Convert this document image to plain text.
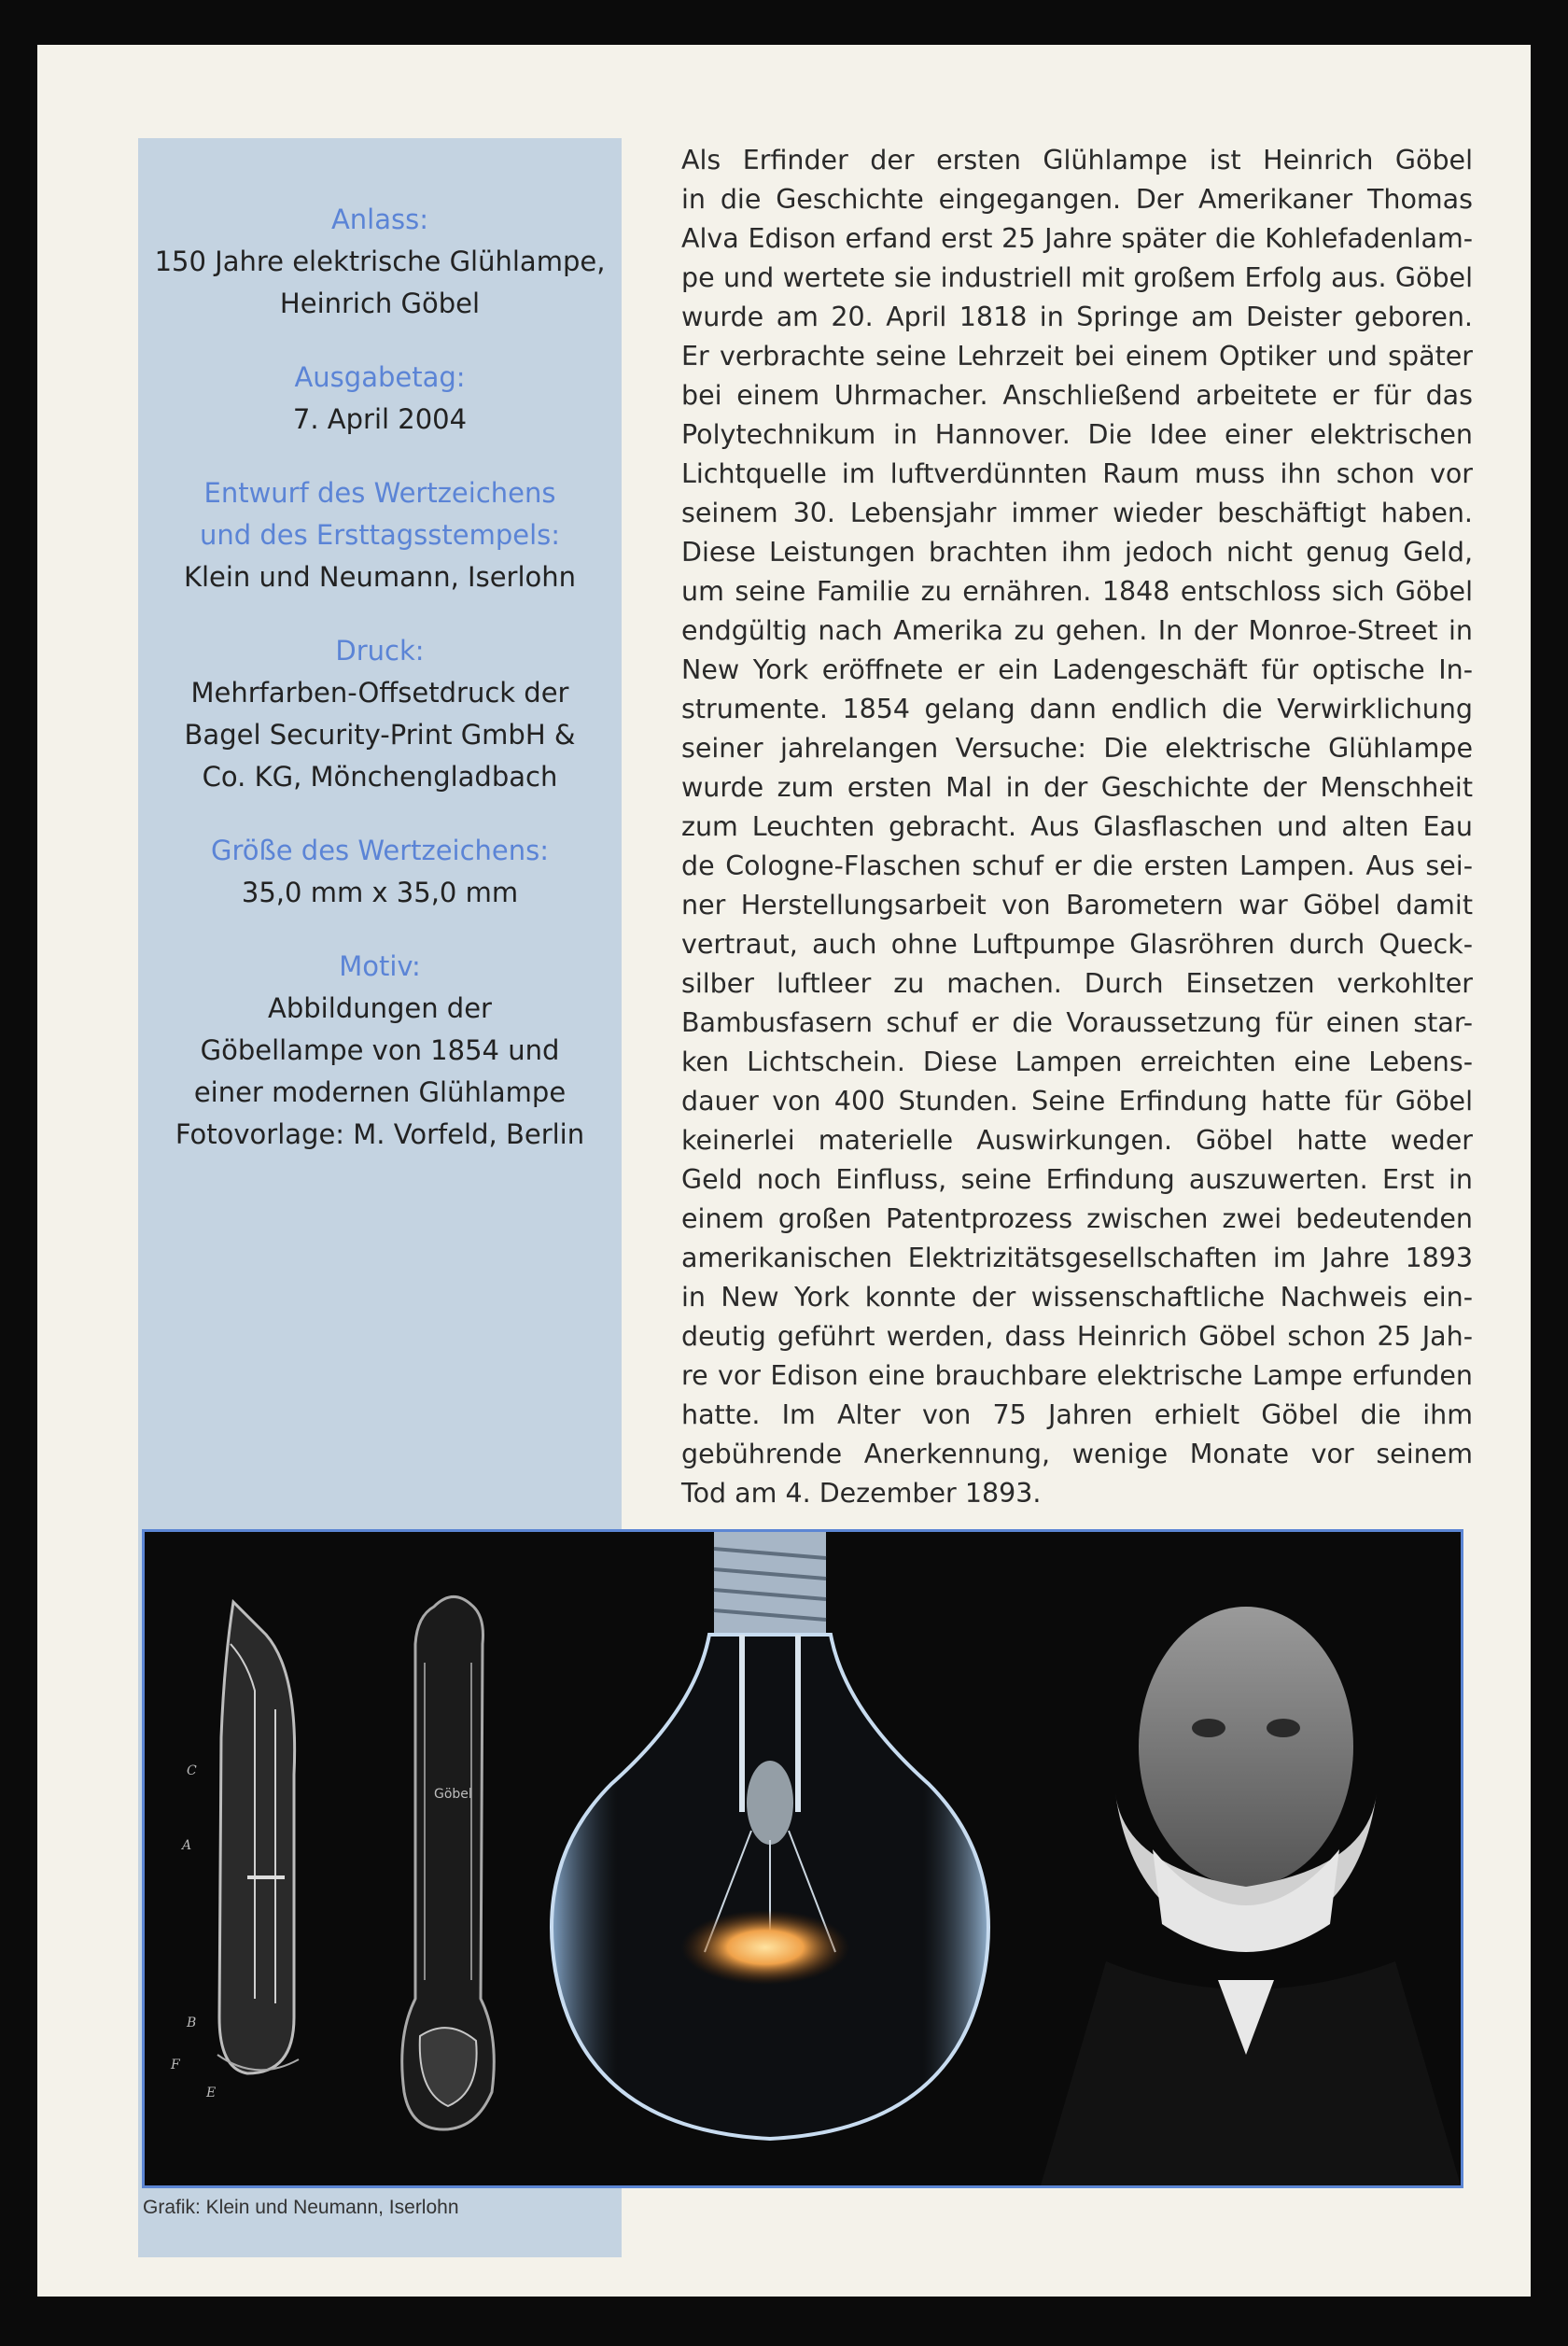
Anlass:
150 Jahre elektrische Glühlampe,
Heinrich Göbel
Ausgabetag:
7. April 2004
Entwurf des Wertzeichens
und des Ersttagsstempels:
Klein und Neumann, Iserlohn
Druck:
Mehrfarben-Offsetdruck der
Bagel Security-Print GmbH &
Co. KG, Mönchengladbach
Größe des Wertzeichens:
35,0 mm x 35,0 mm
Motiv:
Abbildungen der
Göbellampe von 1854 und
einer modernen Glühlampe
Fotovorlage: M. Vorfeld, Berlin
Als Erfinder der ersten Glühlampe ist Heinrich Göbel
in die Geschichte eingegangen. Der Amerikaner Thomas
Alva Edison erfand erst 25 Jahre später die Kohlefadenlam-
pe und wertete sie industriell mit großem Erfolg aus. Göbel
wurde am 20. April 1818 in Springe am Deister geboren.
Er verbrachte seine Lehrzeit bei einem Optiker und später
bei einem Uhrmacher. Anschließend arbeitete er für das
Polytechnikum in Hannover. Die Idee einer elektrischen
Lichtquelle im luftverdünnten Raum muss ihn schon vor
seinem 30. Lebensjahr immer wieder beschäftigt haben.
Diese Leistungen brachten ihm jedoch nicht genug Geld,
um seine Familie zu ernähren. 1848 entschloss sich Göbel
endgültig nach Amerika zu gehen. In der Monroe-Street in
New York eröffnete er ein Ladengeschäft für optische In-
strumente. 1854 gelang dann endlich die Verwirklichung
seiner jahrelangen Versuche: Die elektrische Glühlampe
wurde zum ersten Mal in der Geschichte der Menschheit
zum Leuchten gebracht. Aus Glasflaschen und alten Eau
de Cologne-Flaschen schuf er die ersten Lampen. Aus sei-
ner Herstellungsarbeit von Barometern war Göbel damit
vertraut, auch ohne Luftpumpe Glasröhren durch Queck-
silber luftleer zu machen. Durch Einsetzen verkohlter
Bambusfasern schuf er die Voraussetzung für einen star-
ken Lichtschein. Diese Lampen erreichten eine Lebens-
dauer von 400 Stunden. Seine Erfindung hatte für Göbel
keinerlei materielle Auswirkungen. Göbel hatte weder
Geld noch Einfluss, seine Erfindung auszuwerten. Erst in
einem großen Patentprozess zwischen zwei bedeutenden
amerikanischen Elektrizitätsgesellschaften im Jahre 1893
in New York konnte der wissenschaftliche Nachweis ein-
deutig geführt werden, dass Heinrich Göbel schon 25 Jah-
re vor Edison eine brauchbare elektrische Lampe erfunden
hatte. Im Alter von 75 Jahren erhielt Göbel die ihm
gebührende Anerkennung, wenige Monate vor seinem
Tod am 4. Dezember 1893.
C
A
B
F
E
Göbel
Grafik: Klein und Neumann, Iserlohn
